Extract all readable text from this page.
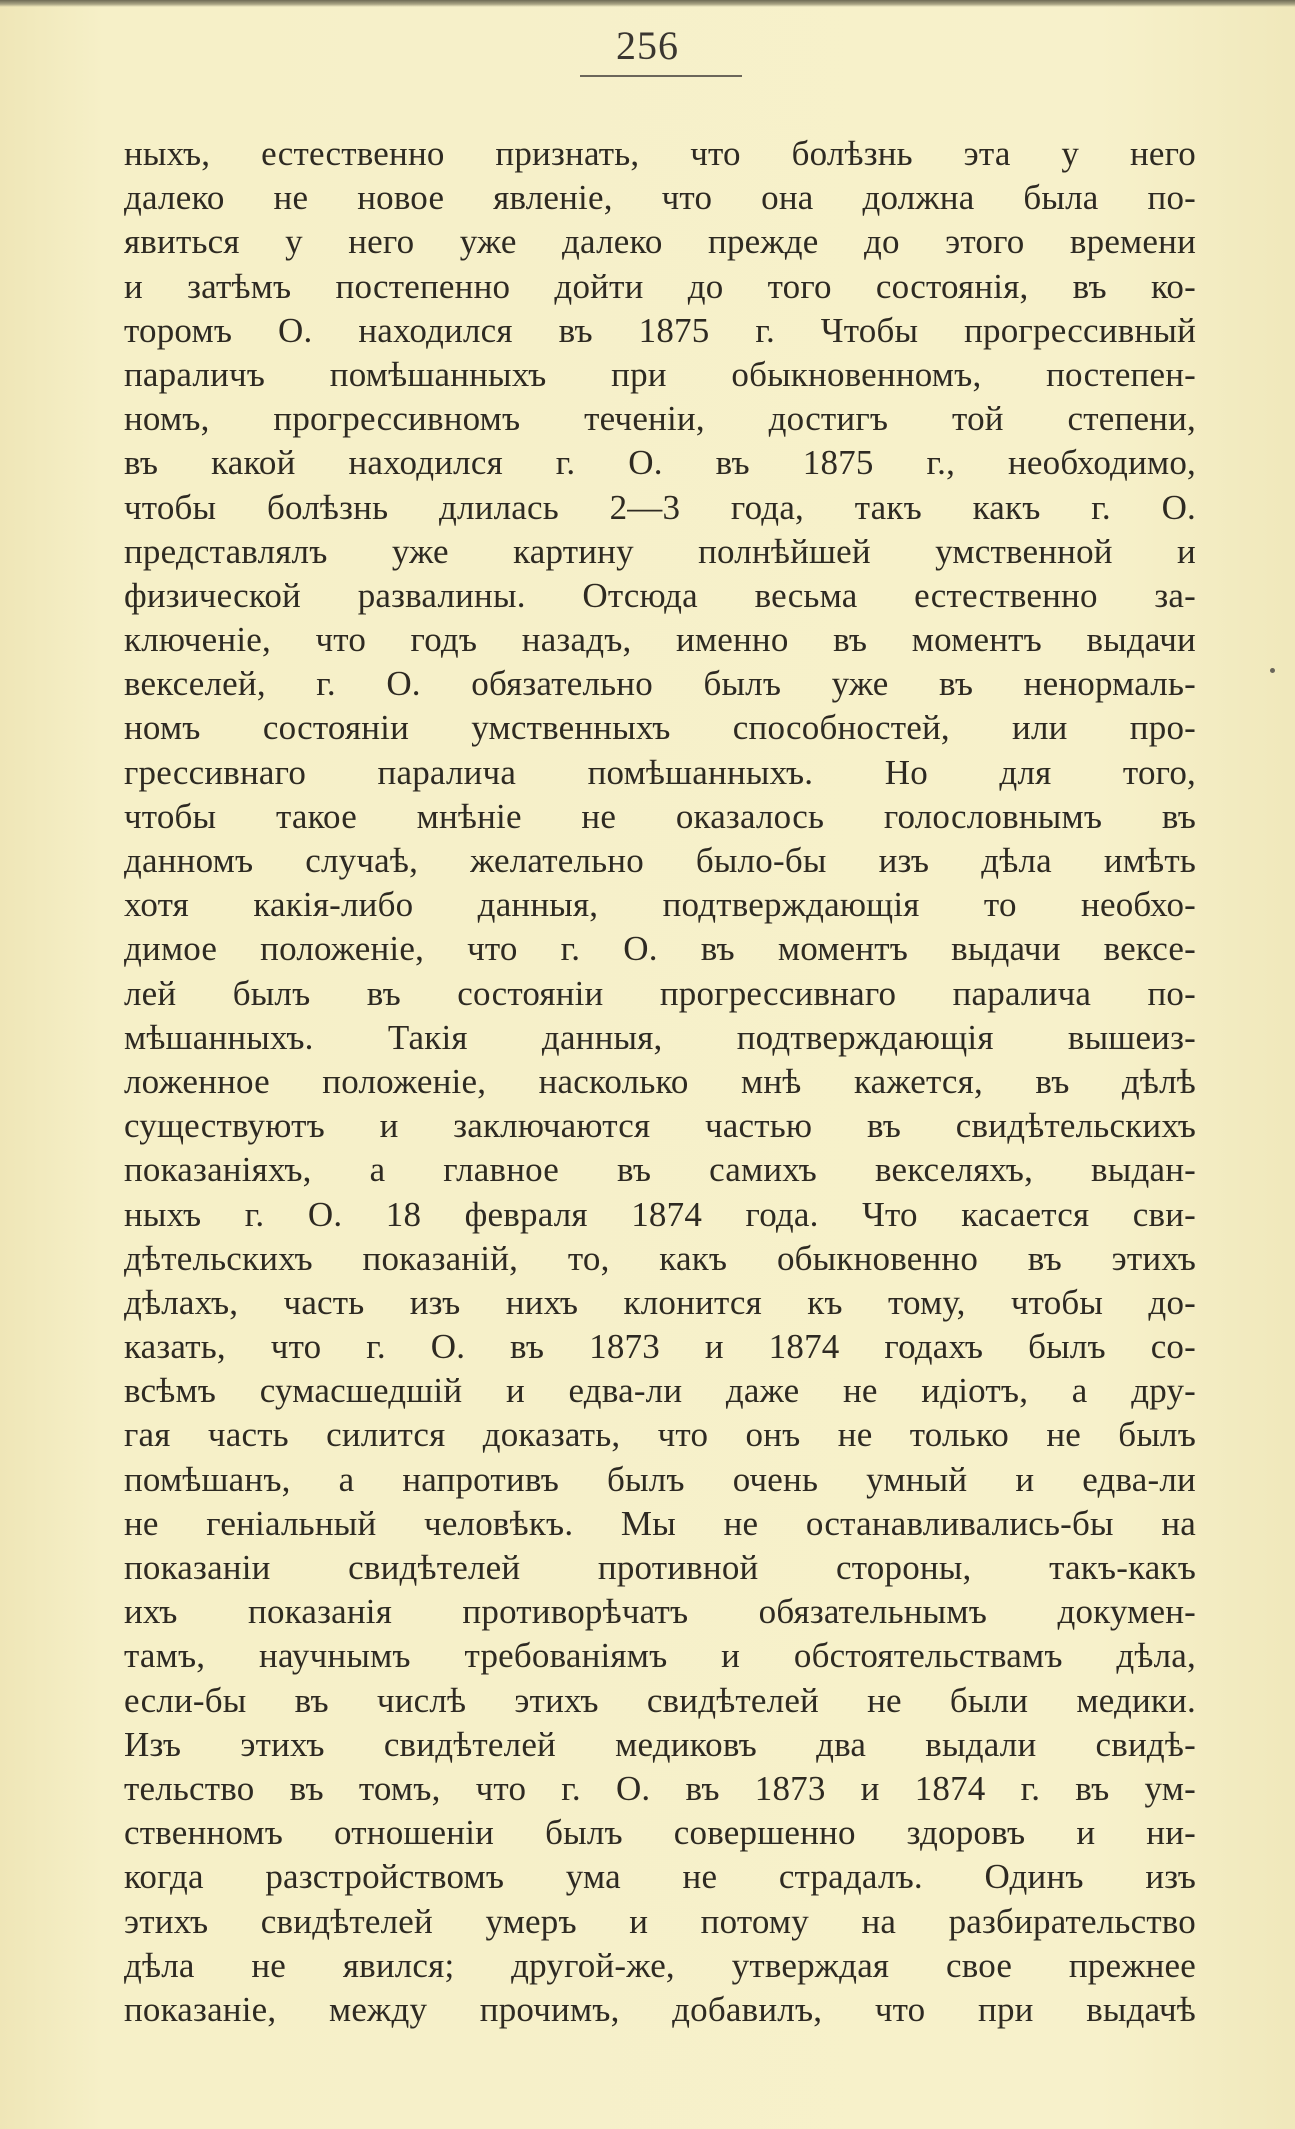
256
ныхъ, естественно признать, что болѣзнь эта у него
далеко не новое явленіе, что она должна была по-
явиться у него уже далеко прежде до этого времени
и затѣмъ постепенно дойти до того состоянія, въ ко-
торомъ О. находился въ 1875 г. Чтобы прогрессивный
параличъ помѣшанныхъ при обыкновенномъ, постепен-
номъ, прогрессивномъ теченіи, достигъ той степени,
въ какой находился г. О. въ 1875 г., необходимо,
чтобы болѣзнь длилась 2—3 года, такъ какъ г. О.
представлялъ уже картину полнѣйшей умственной и
физической развалины. Отсюда весьма естественно за-
ключеніе, что годъ назадъ, именно въ моментъ выдачи
векселей, г. О. обязательно былъ уже въ ненормаль-
номъ состояніи умственныхъ способностей, или про-
грессивнаго паралича помѣшанныхъ. Но для того,
чтобы такое мнѣніе не оказалось голословнымъ въ
данномъ случаѣ, желательно было-бы изъ дѣла имѣть
хотя какія-либо данныя, подтверждающія то необхо-
димое положеніе, что г. О. въ моментъ выдачи вексе-
лей былъ въ состояніи прогрессивнаго паралича по-
мѣшанныхъ. Такія данныя, подтверждающія вышеиз-
ложенное положеніе, насколько мнѣ кажется, въ дѣлѣ
существуютъ и заключаются частью въ свидѣтельскихъ
показаніяхъ, а главное въ самихъ векселяхъ, выдан-
ныхъ г. О. 18 февраля 1874 года. Что касается сви-
дѣтельскихъ показаній, то, какъ обыкновенно въ этихъ
дѣлахъ, часть изъ нихъ клонится къ тому, чтобы до-
казать, что г. О. въ 1873 и 1874 годахъ былъ со-
всѣмъ сумасшедшій и едва-ли даже не идіотъ, а дру-
гая часть силится доказать, что онъ не только не былъ
помѣшанъ, а напротивъ былъ очень умный и едва-ли
не геніальный человѣкъ. Мы не останавливались-бы на
показаніи свидѣтелей противной стороны, такъ-какъ
ихъ показанія противорѣчатъ обязательнымъ докумен-
тамъ, научнымъ требованіямъ и обстоятельствамъ дѣла,
если-бы въ числѣ этихъ свидѣтелей не были медики.
Изъ этихъ свидѣтелей медиковъ два выдали свидѣ-
тельство въ томъ, что г. О. въ 1873 и 1874 г. въ ум-
ственномъ отношеніи былъ совершенно здоровъ и ни-
когда разстройствомъ ума не страдалъ. Одинъ изъ
этихъ свидѣтелей умеръ и потому на разбирательство
дѣла не явился; другой-же, утверждая свое прежнее
показаніе, между прочимъ, добавилъ, что при выдачѣ
